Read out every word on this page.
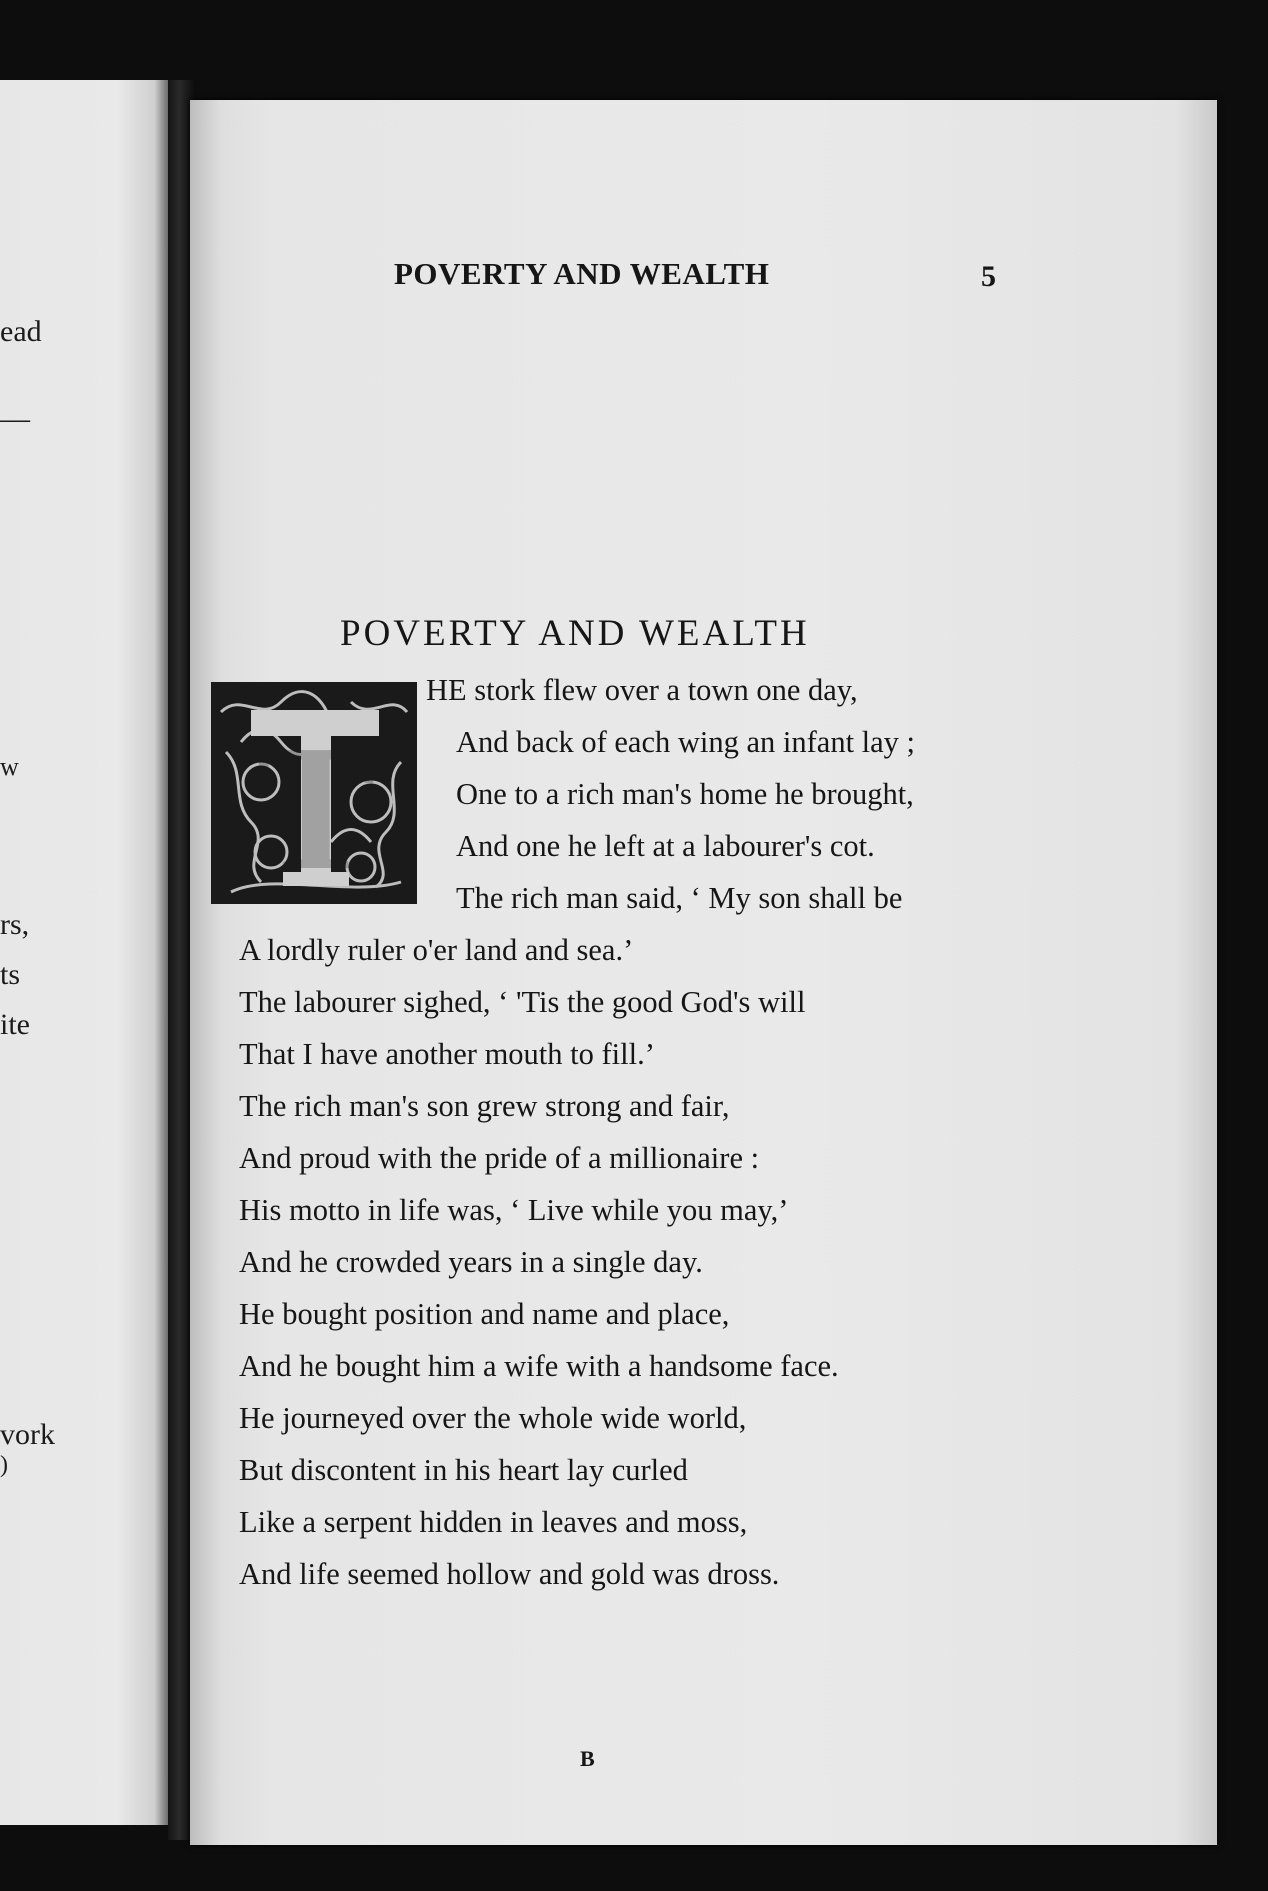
ead
—
w
rs,
ts
ite
vork
)
POVERTY AND WEALTH	5
POVERTY AND WEALTH
T
HE stork flew over a town one day,
And back of each wing an infant lay ;
One to a rich man's home he brought,
And one he left at a labourer's cot.
The rich man said, ‘ My son shall be
A lordly ruler o'er land and sea.’
The labourer sighed, ‘ 'Tis the good God's will
That I have another mouth to fill.’
The rich man's son grew strong and fair,
And proud with the pride of a millionaire :
His motto in life was, ‘ Live while you may,’
And he crowded years in a single day.
He bought position and name and place,
And he bought him a wife with a handsome face.
He journeyed over the whole wide world,
But discontent in his heart lay curled
Like a serpent hidden in leaves and moss,
And life seemed hollow and gold was dross.
B
